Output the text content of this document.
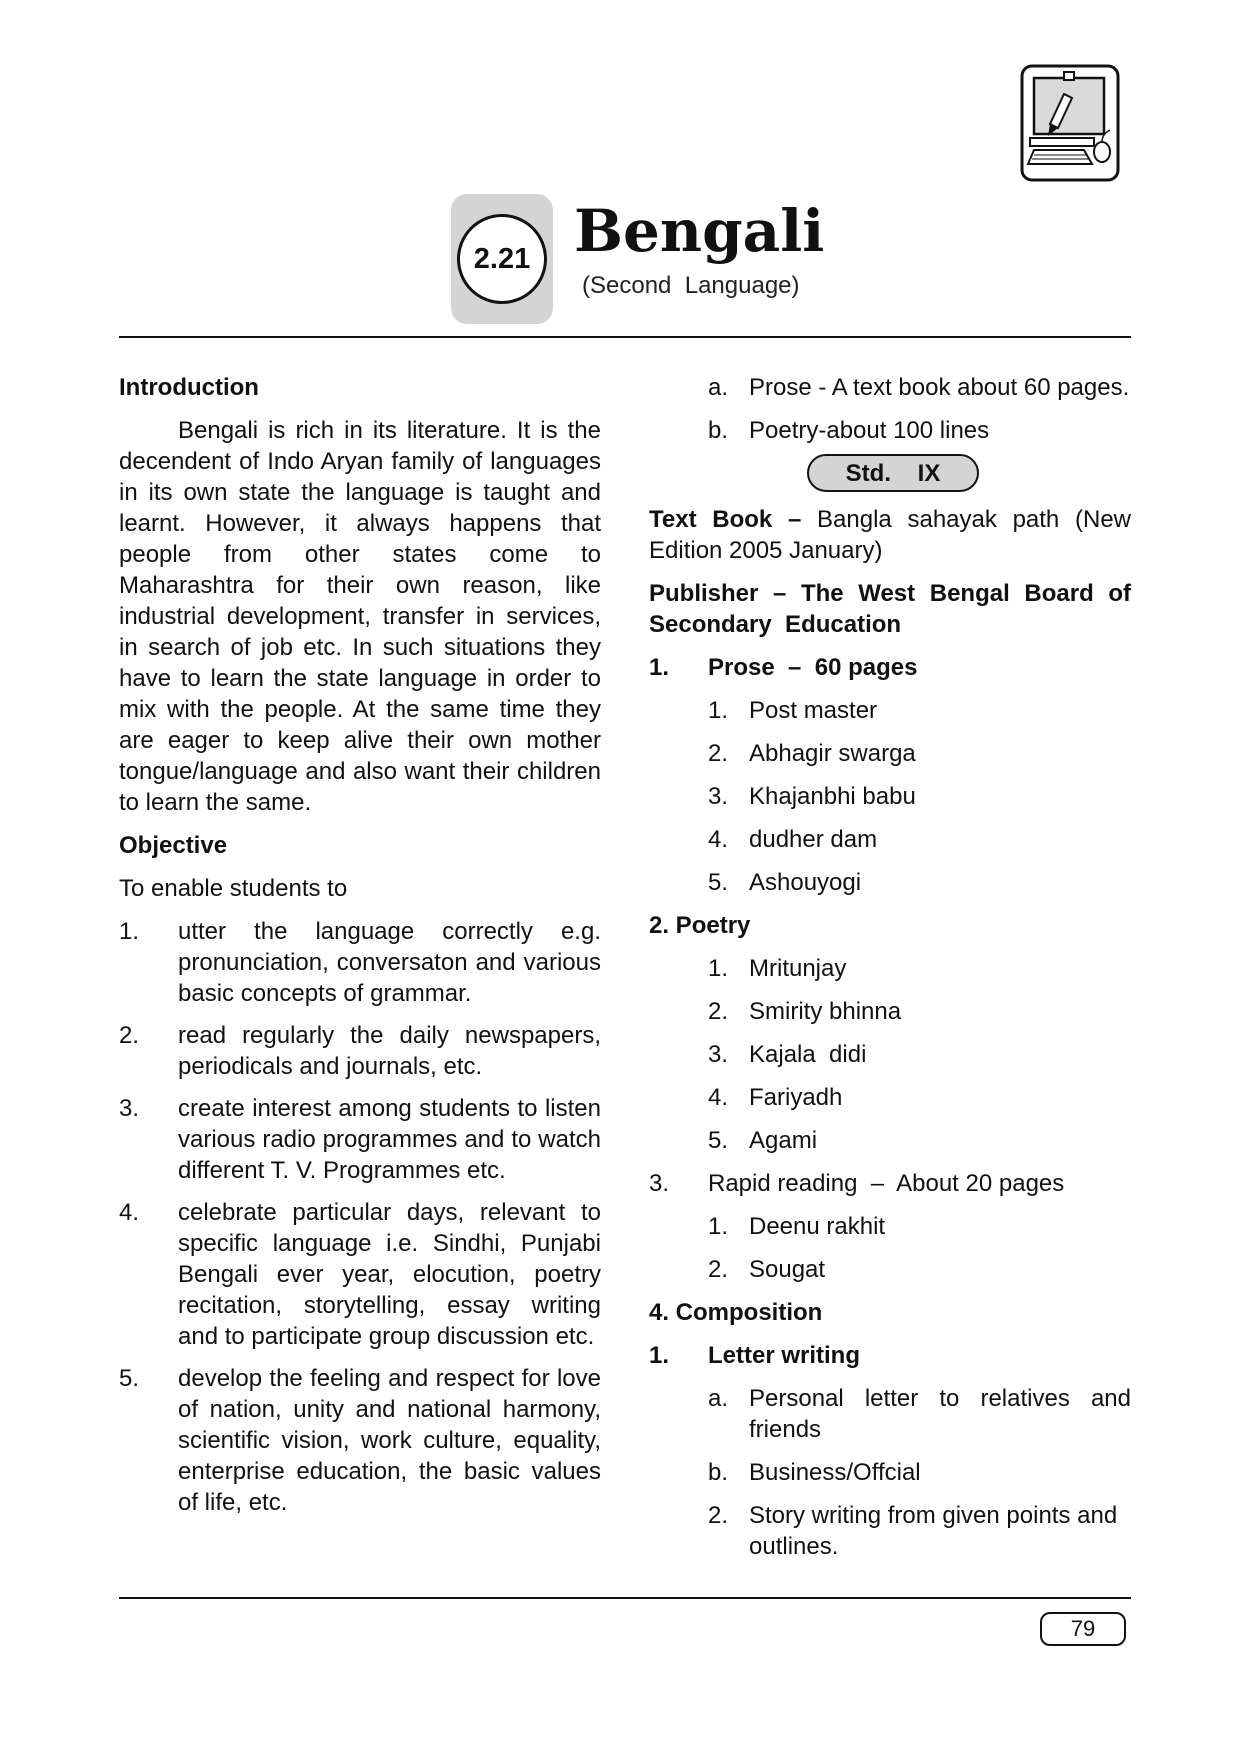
2.21 Bengali
(Second  Language)
Introduction

Bengali is rich in its literature. It is the decendent of Indo Aryan family of languages in its own state the language is taught and learnt. However, it always happens that people from other states come to Maharashtra for their own reason, like industrial development, transfer in services, in search of job etc. In such situations they have to learn the state language in order to mix with the people. At the same time they are eager to keep alive their own mother tongue/language and also want their children to learn the same.

Objective

To enable students to

1.	utter the language correctly e.g. pronunciation, conversaton and various basic concepts of grammar.
2.	read regularly the daily newspapers, periodicals and journals, etc.
3.	create interest among students to listen various radio programmes and to watch different T. V. Programmes etc.
4.	celebrate particular days, relevant to specific language i.e. Sindhi, Punjabi Bengali ever year, elocution, poetry recitation, storytelling, essay writing and to participate group discussion etc.
5.	develop the feeling and respect for love of nation, unity and national harmony, scientific vision, work culture, equality, enterprise education, the basic values of life, etc.
a. Prose - A text book about 60 pages.
b. Poetry-about 100 lines
Std.    IX

Text Book – Bangla sahayak path (New Edition 2005 January)

Publisher – The West Bengal Board of Secondary  Education

1.	Prose  –  60 pages
1. Post master
2. Abhagir swarga
3. Khajanbhi babu
4. dudher dam
5. Ashouyogi
2. Poetry
1. Mritunjay
2. Smirity bhinna
3. Kajala  didi
4. Fariyadh
5. Agami
3.	Rapid reading  –  About 20 pages
1. Deenu rakhit
2. Sougat
4. Composition
1.	Letter writing
a. Personal letter to relatives and friends
b. Business/Offcial
2. Story writing from given points and outlines.
79
